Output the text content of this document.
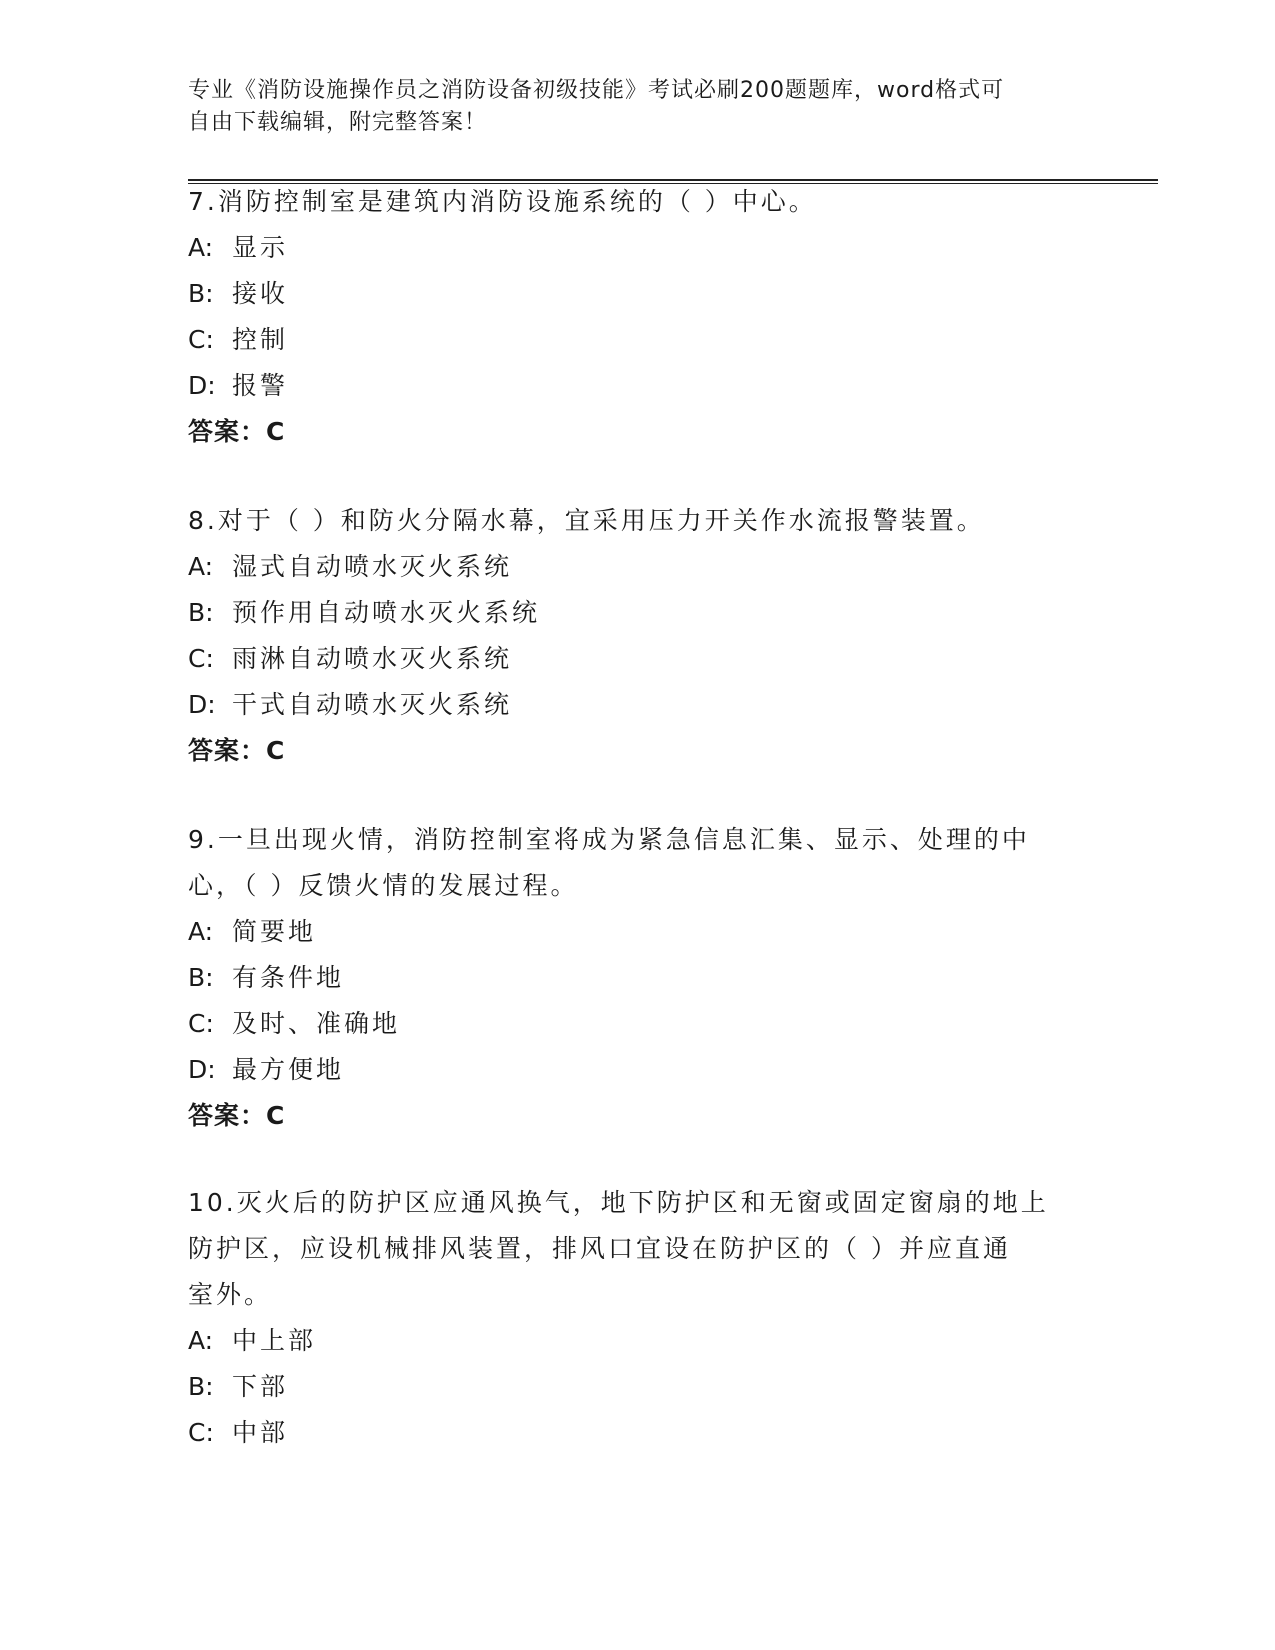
专业《消防设施操作员之消防设备初级技能》考试必刷200题题库，word格式可
自由下载编辑，附完整答案！
7.消防控制室是建筑内消防设施系统的（ ）中心。
A: 显示
B: 接收
C: 控制
D: 报警
答案：C
8.对于（ ）和防火分隔水幕，宜采用压力开关作水流报警装置。
A: 湿式自动喷水灭火系统
B: 预作用自动喷水灭火系统
C: 雨淋自动喷水灭火系统
D: 干式自动喷水灭火系统
答案：C
9.一旦出现火情，消防控制室将成为紧急信息汇集、显示、处理的中
心，（ ）反馈火情的发展过程。
A: 简要地
B: 有条件地
C: 及时、准确地
D: 最方便地
答案：C
10.灭火后的防护区应通风换气，地下防护区和无窗或固定窗扇的地上
防护区，应设机械排风装置，排风口宜设在防护区的（ ）并应直通
室外。
A: 中上部
B: 下部
C: 中部
